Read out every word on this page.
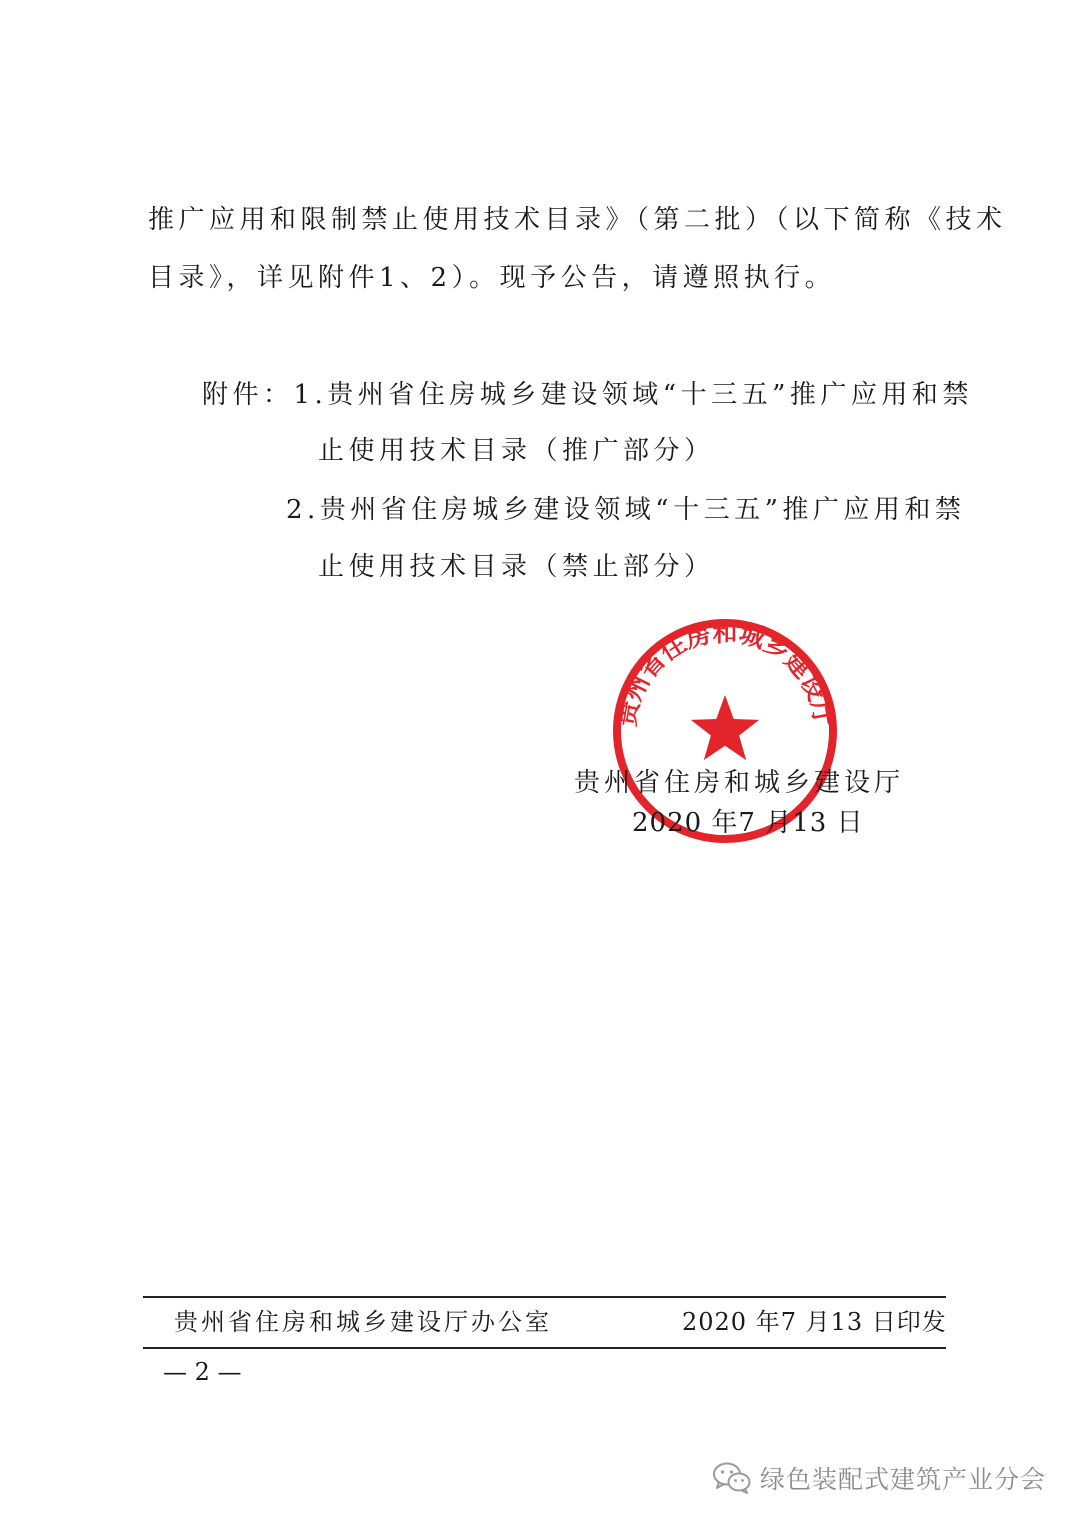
推广应用和限制禁止使用技术目录》（第二批）（以下简称《技术

目录》，详见附件1、2）。现予公告，请遵照执行。

附件：1.贵州省住房城乡建设领域“十三五”推广应用和禁

止使用技术目录（推广部分）

2.贵州省住房城乡建设领域“十三五”推广应用和禁

止使用技术目录（禁止部分）

贵州省住房和城乡建设厅

贵州省住房和城乡建设厅

2020 年7 月13 日

贵州省住房和城乡建设厅办公室	2020 年7 月13 日印发
— 2 —
绿色装配式建筑产业分会
